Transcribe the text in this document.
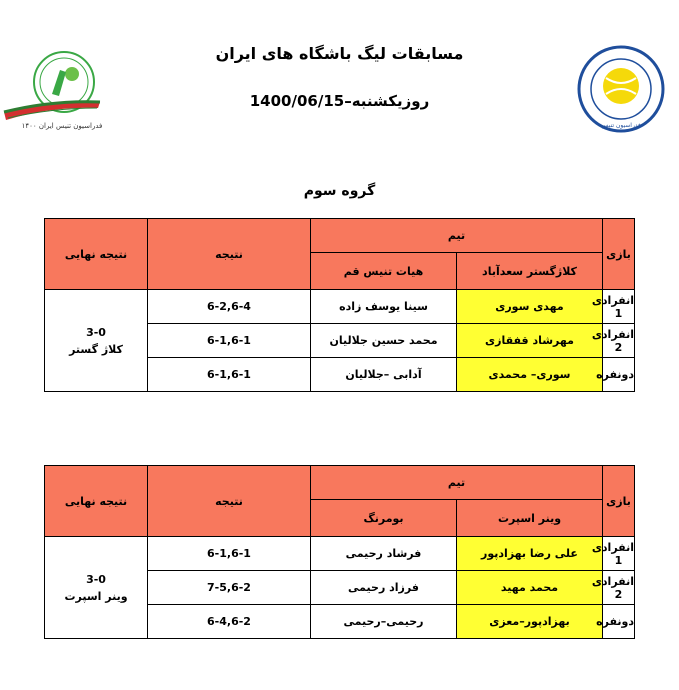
فدراسیون تنیس ایران ۱۴۰۰	فدراسیون تنیس
مسابقات لیگ باشگاه های ایران
روزیکشنبه–1400/06/15
گروه سوم
بازی	تیم		نتیجه	نتیجه نهایی
	کلاژگستر سعدآباد	هیات تنیس قم		
انفرادی 1	مهدی سوری	سینا یوسف زاده	6-2,6-4	3-0
کلاژ گستر

انفرادی 2	مهرشاد قفقازی	محمد حسین جلالیان	6-1,6-1	
دونفره	سوری– محمدی	آدابی –جلالیان	6-1,6-1	
بازی	تیم		نتیجه	نتیجه نهایی
	وینر اسپرت	بومرنگ		
انفرادی 1	علی رضا بهزادپور	فرشاد رحیمی	6-1,6-1	3-0
وینر اسپرت

انفرادی 2	محمد مهید	فرزاد رحیمی	7-5,6-2	
دونفره	بهزادپور–معزی	رحیمی–رحیمی	6-4,6-2	
